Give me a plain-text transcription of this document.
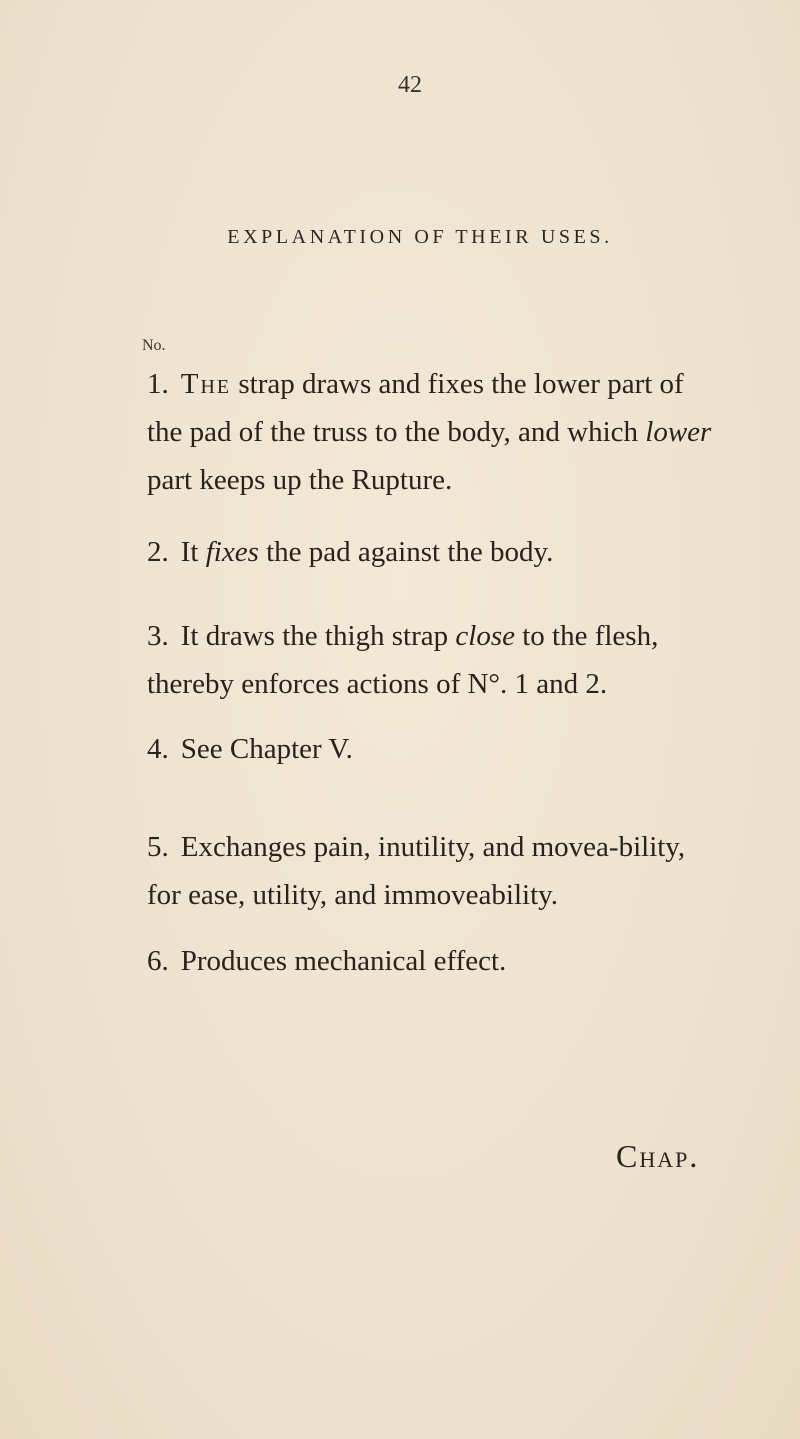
42
EXPLANATION OF THEIR USES.
No.
1. The strap draws and fixes the lower part of the pad of the truss to the body, and which lower part keeps up the Rupture.
2. It fixes the pad against the body.
3. It draws the thigh strap close to the flesh, thereby enforces actions of N°. 1 and 2.
4. See Chapter V.
5. Exchanges pain, inutility, and movea-bility, for ease, utility, and immoveability.
6. Produces mechanical effect.
Chap.
